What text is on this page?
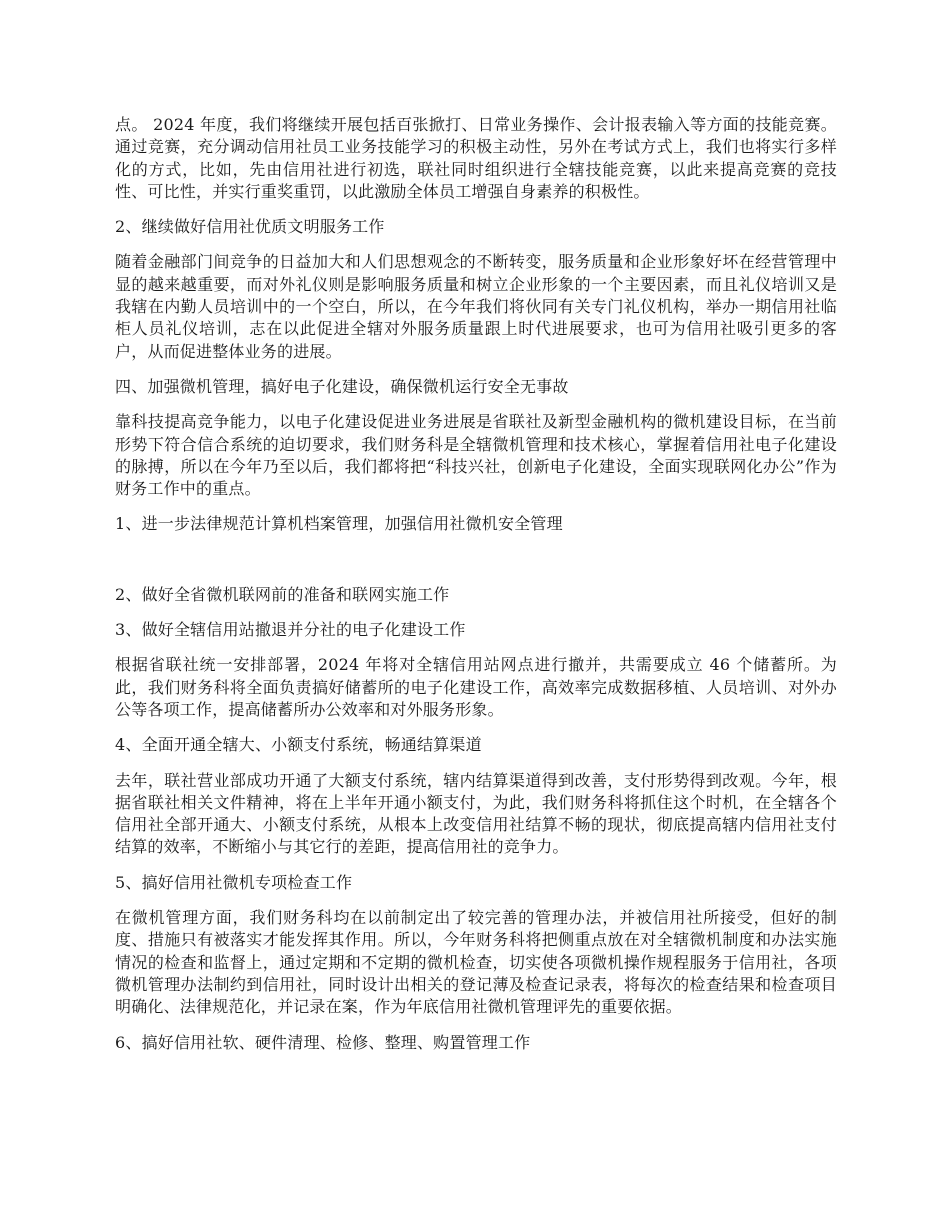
点。 2024 年度，我们将继续开展包括百张掀打、日常业务操作、会计报表输入等方面的技能竞赛。通过竞赛，充分调动信用社员工业务技能学习的积极主动性，另外在考试方式上，我们也将实行多样化的方式，比如，先由信用社进行初选，联社同时组织进行全辖技能竞赛，以此来提高竞赛的竞技性、可比性，并实行重奖重罚，以此激励全体员工增强自身素养的积极性。

2、继续做好信用社优质文明服务工作

随着金融部门间竞争的日益加大和人们思想观念的不断转变，服务质量和企业形象好坏在经营管理中显的越来越重要，而对外礼仪则是影响服务质量和树立企业形象的一个主要因素，而且礼仪培训又是我辖在内勤人员培训中的一个空白，所以，在今年我们将伙同有关专门礼仪机构，举办一期信用社临柜人员礼仪培训，志在以此促进全辖对外服务质量跟上时代进展要求，也可为信用社吸引更多的客户，从而促进整体业务的进展。

四、加强微机管理，搞好电子化建设，确保微机运行安全无事故

靠科技提高竞争能力，以电子化建设促进业务进展是省联社及新型金融机构的微机建设目标，在当前形势下符合信合系统的迫切要求，我们财务科是全辖微机管理和技术核心，掌握着信用社电子化建设的脉搏，所以在今年乃至以后，我们都将把“科技兴社，创新电子化建设，全面实现联网化办公”作为财务工作中的重点。

1、进一步法律规范计算机档案管理，加强信用社微机安全管理

2、做好全省微机联网前的准备和联网实施工作

3、做好全辖信用站撤退并分社的电子化建设工作

根据省联社统一安排部署，2024 年将对全辖信用站网点进行撤并，共需要成立 46 个储蓄所。为此，我们财务科将全面负责搞好储蓄所的电子化建设工作，高效率完成数据移植、人员培训、对外办公等各项工作，提高储蓄所办公效率和对外服务形象。

4、全面开通全辖大、小额支付系统，畅通结算渠道

去年，联社营业部成功开通了大额支付系统，辖内结算渠道得到改善，支付形势得到改观。今年，根据省联社相关文件精神，将在上半年开通小额支付，为此，我们财务科将抓住这个时机，在全辖各个信用社全部开通大、小额支付系统，从根本上改变信用社结算不畅的现状，彻底提高辖内信用社支付结算的效率，不断缩小与其它行的差距，提高信用社的竞争力。

5、搞好信用社微机专项检查工作

在微机管理方面，我们财务科均在以前制定出了较完善的管理办法，并被信用社所接受，但好的制度、措施只有被落实才能发挥其作用。所以，今年财务科将把侧重点放在对全辖微机制度和办法实施情况的检查和监督上，通过定期和不定期的微机检查，切实使各项微机操作规程服务于信用社，各项微机管理办法制约到信用社，同时设计出相关的登记薄及检查记录表，将每次的检查结果和检查项目明确化、法律规范化，并记录在案，作为年底信用社微机管理评先的重要依据。

6、搞好信用社软、硬件清理、检修、整理、购置管理工作
